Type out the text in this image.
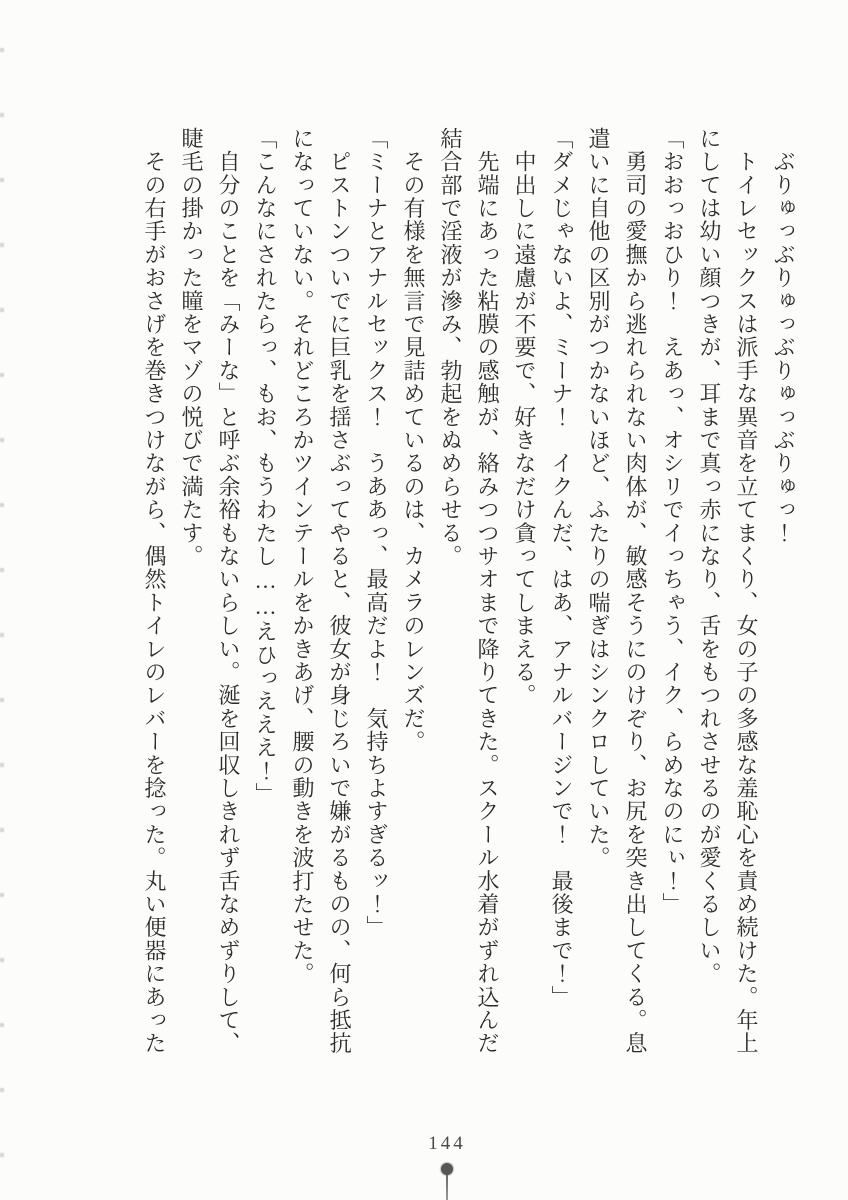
　ぶりゅっぶりゅっぶりゅっぶりゅっ！
　トイレセックスは派手な異音を立てまくり、女の子の多感な羞恥心を責め続けた。年上
にしては幼い顔つきが、耳まで真っ赤になり、舌をもつれさせるのが愛くるしい。
「おおっおひり！　えあっ、オシリでイっちゃう、イク、らめなのにぃ！」
　勇司の愛撫から逃れられない肉体が、敏感そうにのけぞり、お尻を突き出してくる。息
遣いに自他の区別がつかないほど、ふたりの喘ぎはシンクロしていた。
「ダメじゃないよ、ミーナ！　イクんだ、はあ、アナルバージンで！　最後まで！」
　中出しに遠慮が不要で、好きなだけ貪ってしまえる。
　先端にあった粘膜の感触が、絡みつつサオまで降りてきた。スクール水着がずれ込んだ
結合部で淫液が滲み、勃起をぬめらせる。
　その有様を無言で見詰めているのは、カメラのレンズだ。
「ミーナとアナルセックス！　うああっ、最高だよ！　気持ちよすぎるッ！」
　ピストンついでに巨乳を揺さぶってやると、彼女が身じろいで嫌がるものの、何ら抵抗
になっていない。それどころかツインテールをかきあげ、腰の動きを波打たせた。
「こんなにされたらっ、もお、もうわたし……えひっえええ！」
　自分のことを「みーな」と呼ぶ余裕もないらしい。涎を回収しきれず舌なめずりして、
睫毛の掛かった瞳をマゾの悦びで満たす。
　その右手がおさげを巻きつけながら、偶然トイレのレバーを捻った。丸い便器にあった
144
